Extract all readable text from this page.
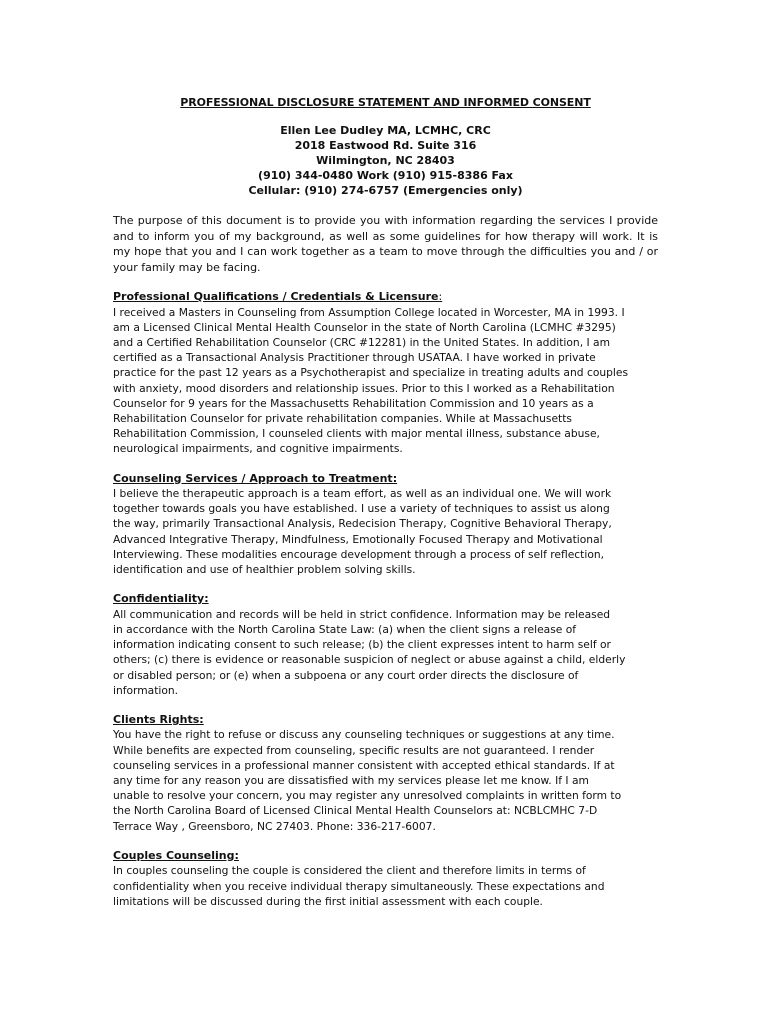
PROFESSIONAL DISCLOSURE STATEMENT AND INFORMED CONSENT
Ellen Lee Dudley MA, LCMHC, CRC
2018 Eastwood Rd. Suite 316
Wilmington, NC 28403
(910) 344-0480 Work (910) 915-8386 Fax
Cellular: (910) 274-6757 (Emergencies only)

The purpose of this document is to provide you with information regarding the services I provide and to inform you of my background, as well as some guidelines for how therapy will work. It is my hope that you and I can work together as a team to move through the difficulties you and / or your family may be facing.

Professional Qualifications / Credentials & Licensure:
I received a Masters in Counseling from Assumption College located in Worcester, MA in 1993. I
am a Licensed Clinical Mental Health Counselor in the state of North Carolina (LCMHC #3295)
and a Certified Rehabilitation Counselor (CRC #12281) in the United States. In addition, I am
certified as a Transactional Analysis Practitioner through USATAA. I have worked in private
practice for the past 12 years as a Psychotherapist and specialize in treating adults and couples
with anxiety, mood disorders and relationship issues. Prior to this I worked as a Rehabilitation
Counselor for 9 years for the Massachusetts Rehabilitation Commission and 10 years as a
Rehabilitation Counselor for private rehabilitation companies. While at Massachusetts
Rehabilitation Commission, I counseled clients with major mental illness, substance abuse,
neurological impairments, and cognitive impairments.
Counseling Services / Approach to Treatment:
I believe the therapeutic approach is a team effort, as well as an individual one. We will work
together towards goals you have established. I use a variety of techniques to assist us along
the way, primarily Transactional Analysis, Redecision Therapy, Cognitive Behavioral Therapy,
Advanced Integrative Therapy, Mindfulness, Emotionally Focused Therapy and Motivational
Interviewing. These modalities encourage development through a process of self reflection,
identification and use of healthier problem solving skills.
Confidentiality:
All communication and records will be held in strict confidence. Information may be released
in accordance with the North Carolina State Law: (a) when the client signs a release of
information indicating consent to such release; (b) the client expresses intent to harm self or
others; (c) there is evidence or reasonable suspicion of neglect or abuse against a child, elderly
or disabled person; or (e) when a subpoena or any court order directs the disclosure of
information.
Clients Rights:
You have the right to refuse or discuss any counseling techniques or suggestions at any time.
While benefits are expected from counseling, specific results are not guaranteed. I render
counseling services in a professional manner consistent with accepted ethical standards. If at
any time for any reason you are dissatisfied with my services please let me know. If I am
unable to resolve your concern, you may register any unresolved complaints in written form to
the North Carolina Board of Licensed Clinical Mental Health Counselors at: NCBLCMHC 7-D
Terrace Way , Greensboro, NC 27403. Phone: 336-217-6007.
Couples Counseling:
In couples counseling the couple is considered the client and therefore limits in terms of
confidentiality when you receive individual therapy simultaneously. These expectations and
limitations will be discussed during the first initial assessment with each couple.
